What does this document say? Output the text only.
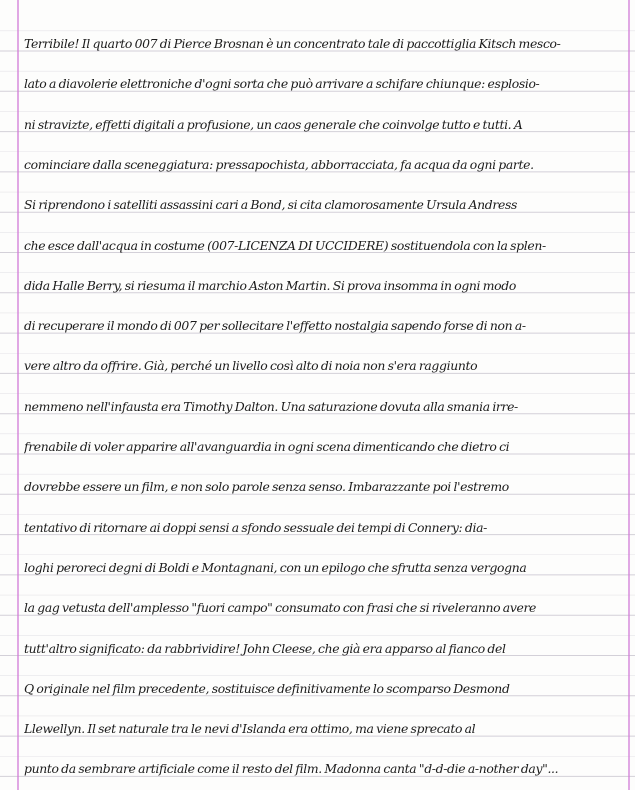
Terribile! Il quarto 007 di Pierce Brosnan è un concentrato tale di paccottiglia Kitsch mesco-

lato a diavolerie elettroniche d'ogni sorta che può arrivare a schifare chiunque: esplosio-

ni stravizte, effetti digitali a profusione, un caos generale che coinvolge tutto e tutti. A

cominciare dalla sceneggiatura: pressapochista, abborracciata, fa acqua da ogni parte.

Si riprendono i satelliti assassini cari a Bond, si cita clamorosamente Ursula Andress

che esce dall'acqua in costume (007-LICENZA DI UCCIDERE) sostituendola con la splen-

dida Halle Berry, si riesuma il marchio Aston Martin. Si prova insomma in ogni modo

di recuperare il mondo di 007 per sollecitare l'effetto nostalgia sapendo forse di non a-

vere altro da offrire. Già, perché un livello così alto di noia non s'era raggiunto

nemmeno nell'infausta era Timothy Dalton. Una saturazione dovuta alla smania irre-

frenabile di voler apparire all'avanguardia in ogni scena dimenticando che dietro ci

dovrebbe essere un film, e non solo parole senza senso. Imbarazzante poi l'estremo

tentativo di ritornare ai doppi sensi a sfondo sessuale dei tempi di Connery: dia-

loghi peroreci degni di Boldi e Montagnani, con un epilogo che sfrutta senza vergogna

la gag vetusta dell'amplesso "fuori campo" consumato con frasi che si riveleranno avere

tutt'altro significato: da rabbrividire! John Cleese, che già era apparso al fianco del

Q originale nel film precedente, sostituisce definitivamente lo scomparso Desmond

Llewellyn. Il set naturale tra le nevi d'Islanda era ottimo, ma viene sprecato al

punto da sembrare artificiale come il resto del film. Madonna canta "d-d-die a-nother day"...
